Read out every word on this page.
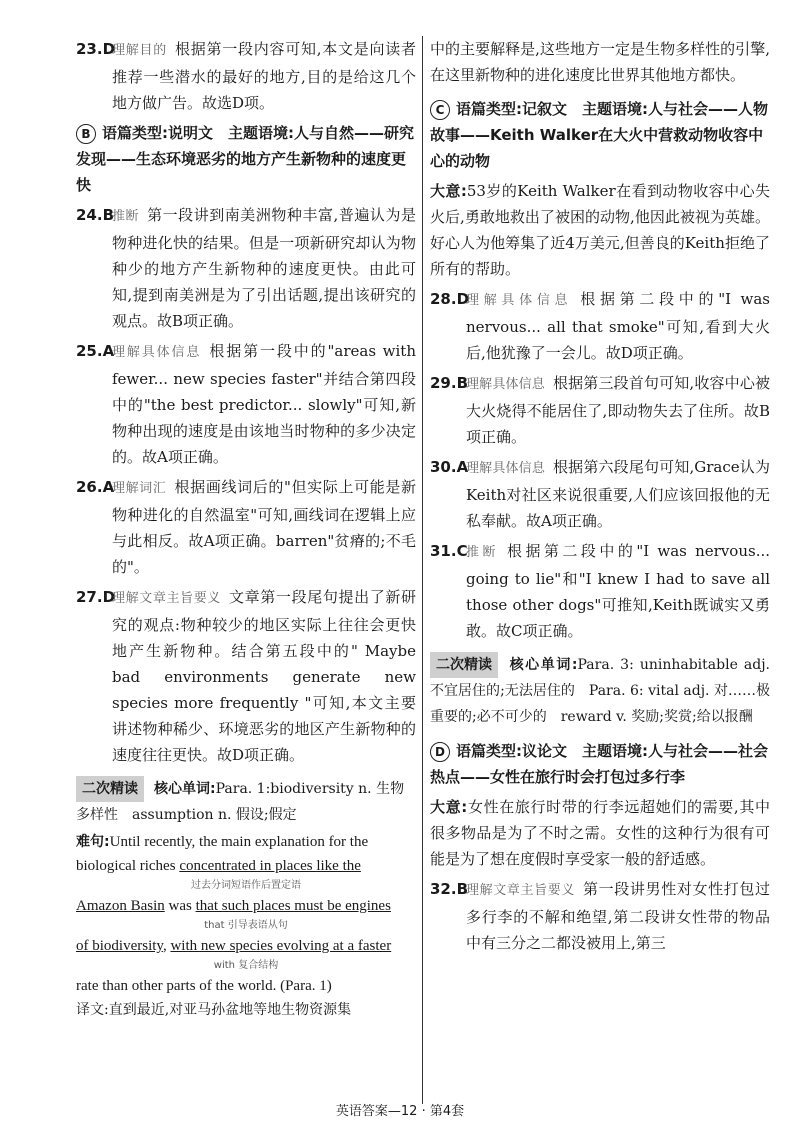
23.D
理解目的 根据第一段内容可知,本文是向读者推荐一些潜水的最好的地方,目的是给这几个地方做广告。故选D项。
B 语篇类型:说明文　主题语境:人与自然——研究发现——生态环境恶劣的地方产生新物种的速度更快
24.B
推断 第一段讲到南美洲物种丰富,普遍认为是物种进化快的结果。但是一项新研究却认为物种少的地方产生新物种的速度更快。由此可知,提到南美洲是为了引出话题,提出该研究的观点。故B项正确。
25.A
理解具体信息 根据第一段中的"areas with fewer... new species faster"并结合第四段中的"the best predictor... slowly"可知,新物种出现的速度是由该地当时物种的多少决定的。故A项正确。
26.A
理解词汇 根据画线词后的"但实际上可能是新物种进化的自然温室"可知,画线词在逻辑上应与此相反。故A项正确。barren"贫瘠的;不毛的"。
27.D
理解文章主旨要义 文章第一段尾句提出了新研究的观点:物种较少的地区实际上往往会更快地产生新物种。结合第五段中的" Maybe bad environments generate new species more frequently "可知,本文主要讲述物种稀少、环境恶劣的地区产生新物种的速度往往更快。故D项正确。
二次精读 核心单词:Para. 1:biodiversity n. 生物多样性　assumption n. 假设;假定
难句:Until recently, the main explanation for the
biological riches concentrated in places like the
过去分词短语作后置定语
Amazon Basin was that such places must be engines
that 引导表语从句
of biodiversity, with new species evolving at a faster
with 复合结构
rate than other parts of the world. (Para. 1)
译文:直到最近,对亚马孙盆地等地生物资源集
中的主要解释是,这些地方一定是生物多样性的引擎,在这里新物种的进化速度比世界其他地方都快。
C 语篇类型:记叙文　主题语境:人与社会——人物故事——Keith Walker在大火中营救动物收容中心的动物
大意:53岁的Keith Walker在看到动物收容中心失火后,勇敢地救出了被困的动物,他因此被视为英雄。好心人为他筹集了近4万美元,但善良的Keith拒绝了所有的帮助。
28.D
理解具体信息 根据第二段中的"I was nervous... all that smoke"可知,看到大火后,他犹豫了一会儿。故D项正确。
29.B
理解具体信息 根据第三段首句可知,收容中心被大火烧得不能居住了,即动物失去了住所。故B项正确。
30.A
理解具体信息 根据第六段尾句可知,Grace认为Keith对社区来说很重要,人们应该回报他的无私奉献。故A项正确。
31.C
推断 根据第二段中的"I was nervous... going to lie"和"I knew I had to save all those other dogs"可推知,Keith既诚实又勇敢。故C项正确。
二次精读 核心单词:Para. 3: uninhabitable adj. 不宜居住的;无法居住的　Para. 6: vital adj. 对……极重要的;必不可少的　reward v. 奖励;奖赏;给以报酬
D 语篇类型:议论文　主题语境:人与社会——社会热点——女性在旅行时会打包过多行李
大意:女性在旅行时带的行李远超她们的需要,其中很多物品是为了不时之需。女性的这种行为很有可能是为了想在度假时享受家一般的舒适感。
32.B
理解文章主旨要义 第一段讲男性对女性打包过多行李的不解和绝望,第二段讲女性带的物品中有三分之二都没被用上,第三
英语答案—12 · 第4套
